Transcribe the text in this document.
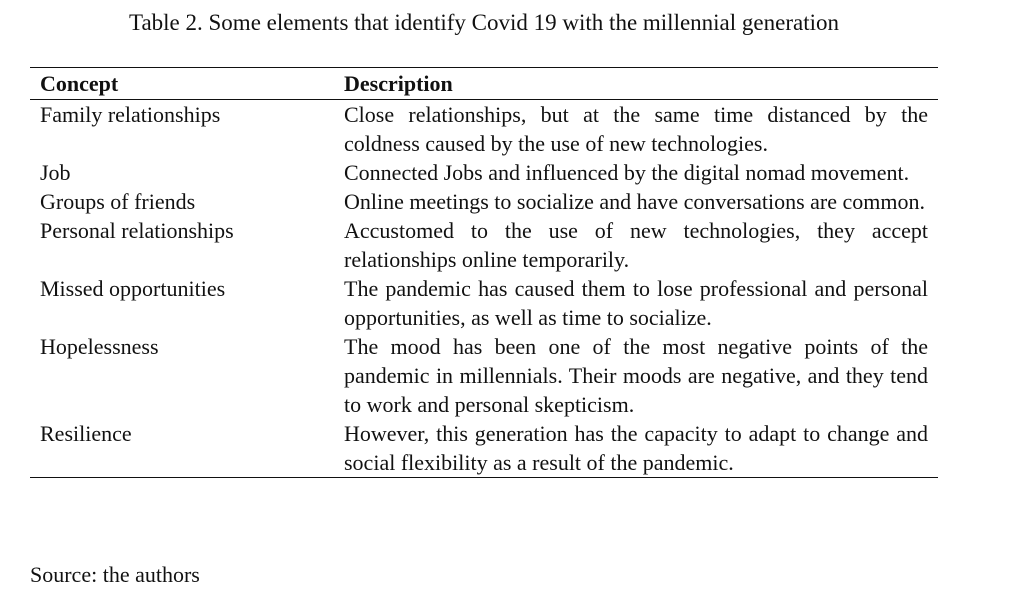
Table 2. Some elements that identify Covid 19 with the millennial generation
Concept	Description
Family relationships	Close relationships, but at the same time distanced by the coldness caused by the use of new technologies.
Job	Connected Jobs and influenced by the digital nomad movement.
Groups of friends	Online meetings to socialize and have conversations are common.
Personal relationships	Accustomed to the use of new technologies, they accept relationships online temporarily.
Missed opportunities	The pandemic has caused them to lose professional and personal opportunities, as well as time to socialize.
Hopelessness	The mood has been one of the most negative points of the pandemic in millennials. Their moods are negative, and they tend to work and personal skepticism.
Resilience	However, this generation has the capacity to adapt to change and social flexibility as a result of the pandemic.
Source: the authors
